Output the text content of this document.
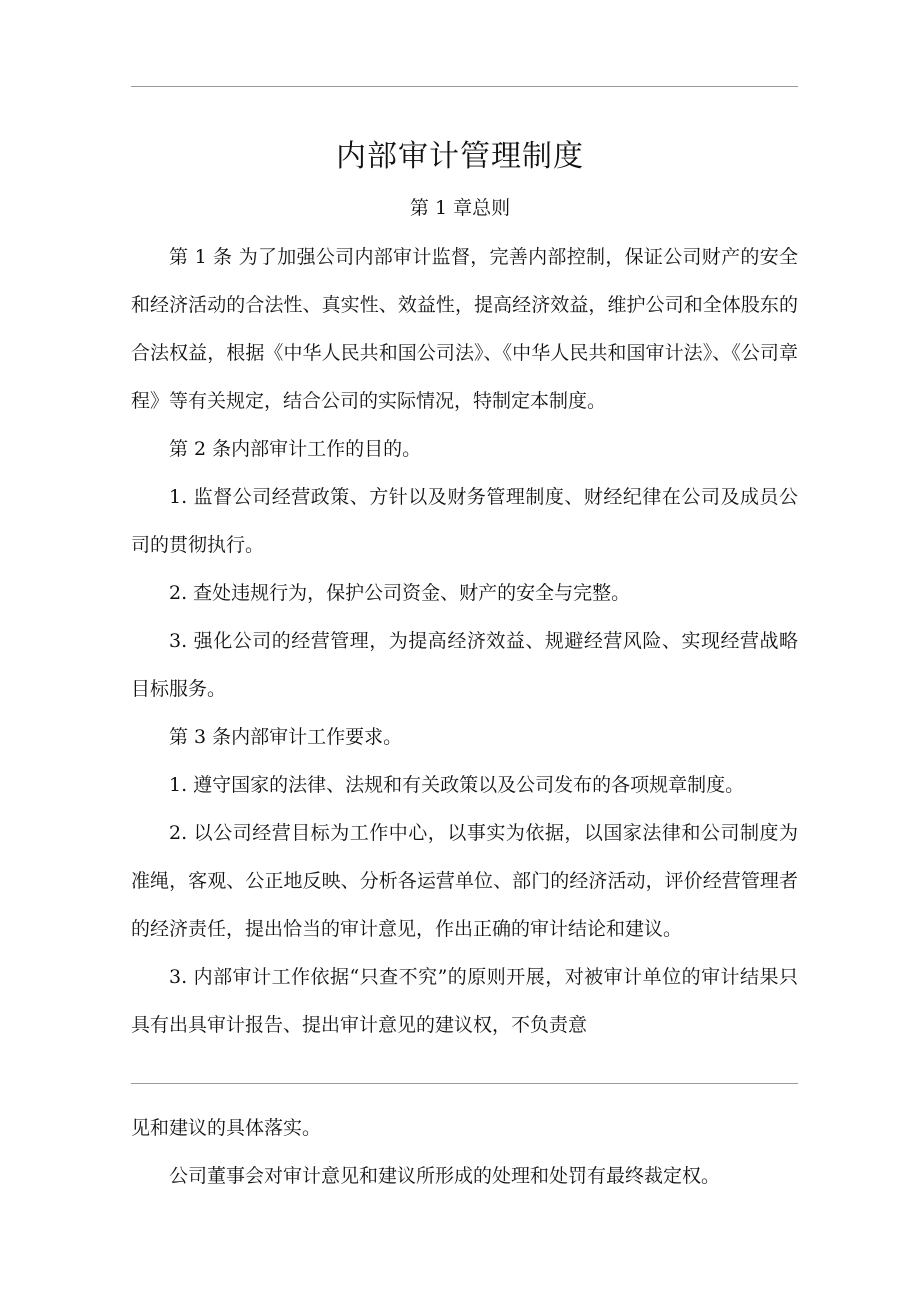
内部审计管理制度
第 1 章总则

第 1 条 为了加强公司内部审计监督，完善内部控制，保证公司财产的安全和经济活动的合法性、真实性、效益性，提高经济效益，维护公司和全体股东的合法权益，根据《中华人民共和国公司法》、《中华人民共和国审计法》、《公司章程》等有关规定，结合公司的实际情况，特制定本制度。

第 2 条内部审计工作的目的。

1. 监督公司经营政策、方针以及财务管理制度、财经纪律在公司及成员公司的贯彻执行。

2. 查处违规行为，保护公司资金、财产的安全与完整。

3. 强化公司的经营管理，为提高经济效益、规避经营风险、实现经营战略目标服务。

第 3 条内部审计工作要求。

1. 遵守国家的法律、法规和有关政策以及公司发布的各项规章制度。

2. 以公司经营目标为工作中心，以事实为依据，以国家法律和公司制度为准绳，客观、公正地反映、分析各运营单位、部门的经济活动，评价经营管理者的经济责任，提出恰当的审计意见，作出正确的审计结论和建议。

3. 内部审计工作依据“只查不究”的原则开展，对被审计单位的审计结果只具有出具审计报告、提出审计意见的建议权，不负责意

见和建议的具体落实。

公司董事会对审计意见和建议所形成的处理和处罚有最终裁定权。
